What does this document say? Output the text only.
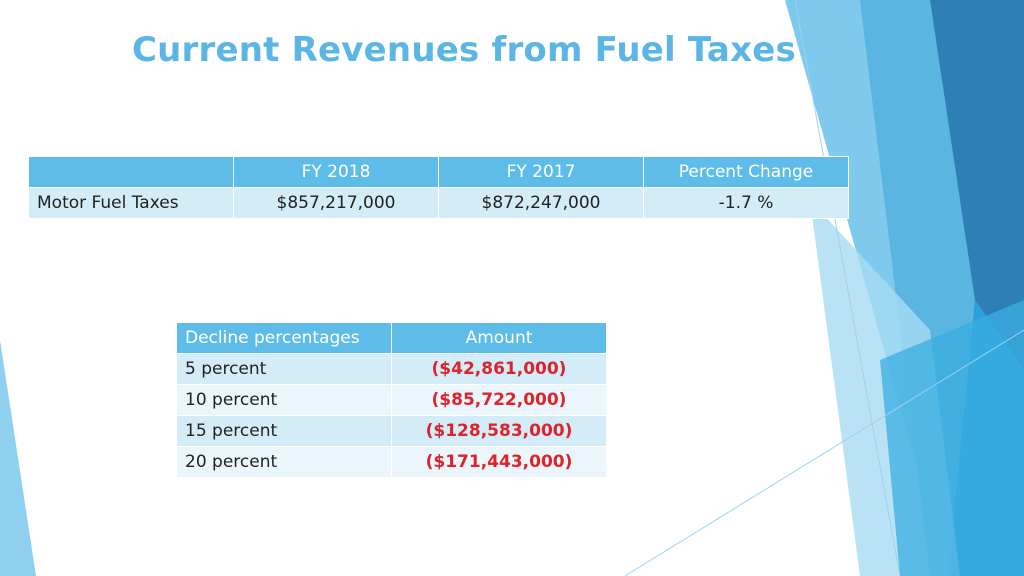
Current Revenues from Fuel Taxes
	FY 2018	FY 2017	Percent Change
Motor Fuel Taxes	$857,217,000	$872,247,000	-1.7 %
Decline percentages	Amount
5 percent	($42,861,000)
10 percent	($85,722,000)
15 percent	($128,583,000)
20 percent	($171,443,000)
